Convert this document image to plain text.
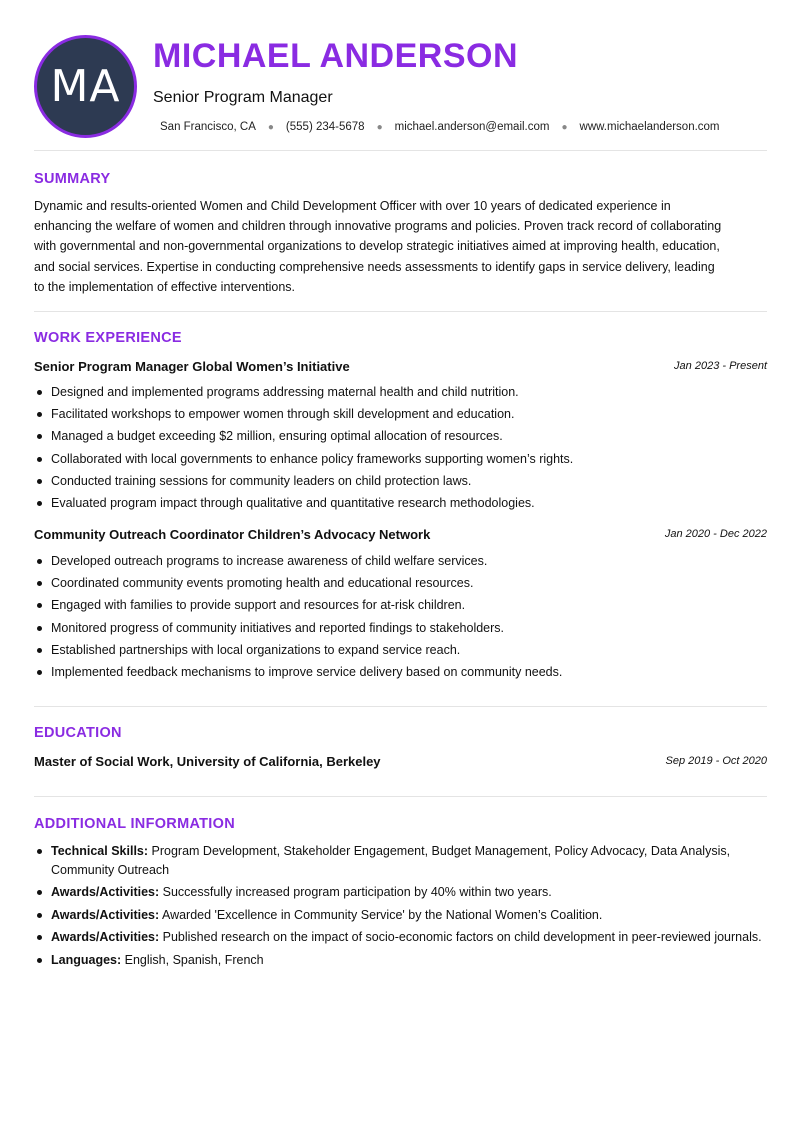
MA
MICHAEL ANDERSON
Senior Program Manager
San Francisco, CA ● (555) 234-5678 ● michael.anderson@email.com ● www.michaelanderson.com
SUMMARY
Dynamic and results-oriented Women and Child Development Officer with over 10 years of dedicated experience in enhancing the welfare of women and children through innovative programs and policies. Proven track record of collaborating with governmental and non-governmental organizations to develop strategic initiatives aimed at improving health, education, and social services. Expertise in conducting comprehensive needs assessments to identify gaps in service delivery, leading to the implementation of effective interventions.
WORK EXPERIENCE
Senior Program Manager Global Women’s Initiative	Jan 2023 - Present
Designed and implemented programs addressing maternal health and child nutrition.
Facilitated workshops to empower women through skill development and education.
Managed a budget exceeding $2 million, ensuring optimal allocation of resources.
Collaborated with local governments to enhance policy frameworks supporting women’s rights.
Conducted training sessions for community leaders on child protection laws.
Evaluated program impact through qualitative and quantitative research methodologies.
Community Outreach Coordinator Children’s Advocacy Network	Jan 2020 - Dec 2022
Developed outreach programs to increase awareness of child welfare services.
Coordinated community events promoting health and educational resources.
Engaged with families to provide support and resources for at-risk children.
Monitored progress of community initiatives and reported findings to stakeholders.
Established partnerships with local organizations to expand service reach.
Implemented feedback mechanisms to improve service delivery based on community needs.
EDUCATION
Master of Social Work, University of California, Berkeley	Sep 2019 - Oct 2020
ADDITIONAL INFORMATION
Technical Skills: Program Development, Stakeholder Engagement, Budget Management, Policy Advocacy, Data Analysis, Community Outreach
Awards/Activities: Successfully increased program participation by 40% within two years.
Awards/Activities: Awarded 'Excellence in Community Service' by the National Women’s Coalition.
Awards/Activities: Published research on the impact of socio-economic factors on child development in peer-reviewed journals.
Languages: English, Spanish, French
